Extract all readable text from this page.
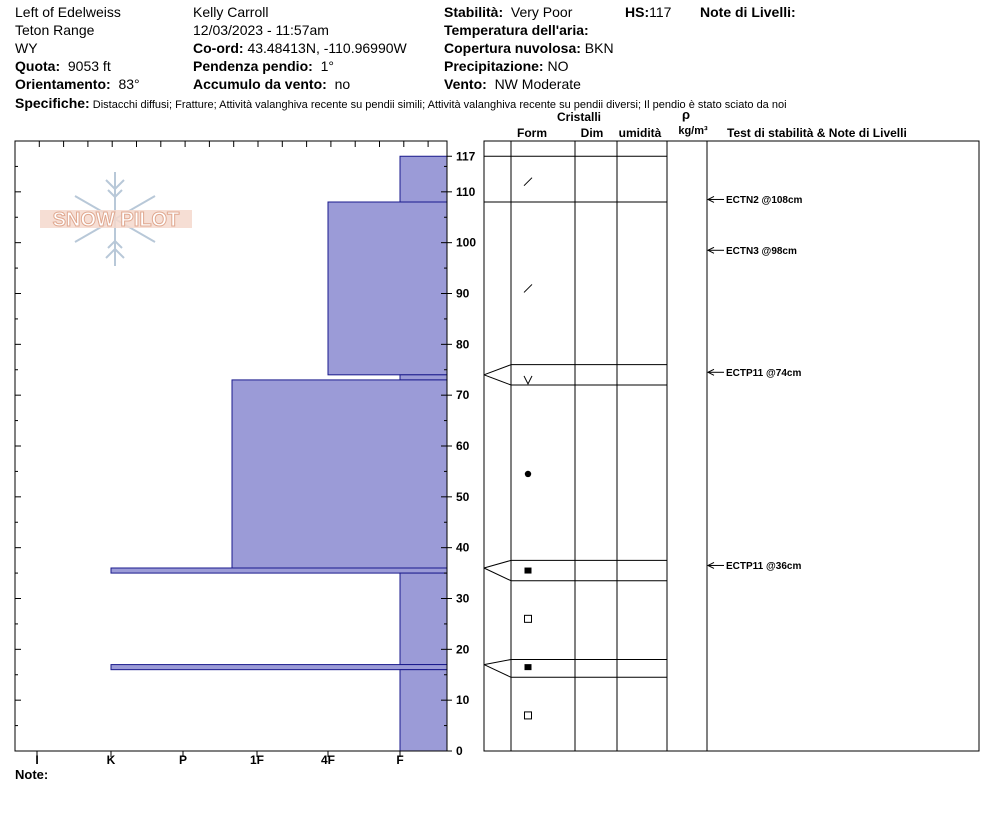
Left of Edelweiss
Teton Range
WY
Quota: 9053 ft
Orientamento: 83°
Kelly Carroll
12/03/2023 - 11:57am
Co-ord: 43.48413N, -110.96990W
Pendenza pendio: 1°
Accumulo da vento: no
Stabilità: Very Poor	HS:117 Note di Livelli:
Temperatura dell'aria:
Copertura nuvolosa: BKN
Precipitazione: NO
Vento: NW Moderate
Specifiche: Distacchi diffusi; Fratture; Attività valanghiva recente su pendii simili; Attività valanghiva recente su pendii diversi; Il pendio è stato sciato da noi
SNOW PILOT
I	K	P	1F	4F	F
0
10
20
30
40
50
60
70
80
90
100
110
117
ECTN2 @108cm
ECTN3 @98cm
ECTP11 @74cm
ECTP11 @36cm
Cristalli
Form	Dim umidità
ρ
kg/m³ Test di stabilità & Note di Livelli
Note:
